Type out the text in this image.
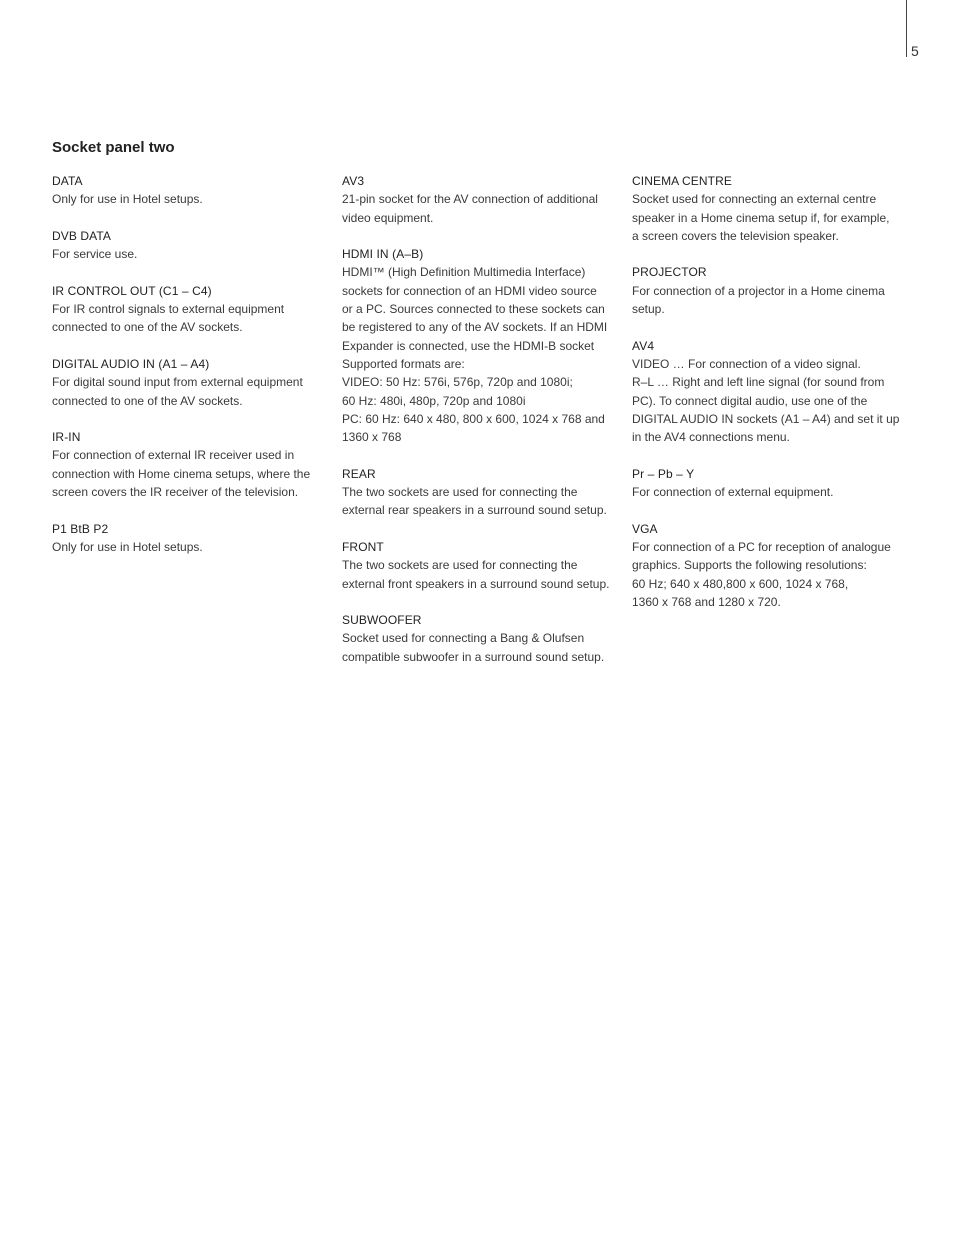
5
Socket panel two
DATA
Only for use in Hotel setups.
DVB DATA
For service use.
IR CONTROL OUT (C1 – C4)
For IR control signals to external equipment
connected to one of the AV sockets.
DIGITAL AUDIO IN (A1 – A4)
For digital sound input from external equipment
connected to one of the AV sockets.
IR-IN
For connection of external IR receiver used in
connection with Home cinema setups, where the
screen covers the IR receiver of the television.
P1 BtB P2
Only for use in Hotel setups.
AV3
21-pin socket for the AV connection of additional
video equipment.
HDMI IN (A–B)
HDMI™ (High Definition Multimedia Interface)
sockets for connection of an HDMI video source
or a PC. Sources connected to these sockets can
be registered to any of the AV sockets. If an HDMI
Expander is connected, use the HDMI-B socket
Supported formats are:
VIDEO: 50 Hz: 576i, 576p, 720p and 1080i;
60 Hz: 480i, 480p, 720p and 1080i
PC: 60 Hz: 640 x 480, 800 x 600, 1024 x 768 and
1360 x 768
REAR
The two sockets are used for connecting the
external rear speakers in a surround sound setup.
FRONT
The two sockets are used for connecting the
external front speakers in a surround sound setup.
SUBWOOFER
Socket used for connecting a Bang & Olufsen
compatible subwoofer in a surround sound setup.
CINEMA CENTRE
Socket used for connecting an external centre
speaker in a Home cinema setup if, for example,
a screen covers the television speaker.
PROJECTOR
For connection of a projector in a Home cinema
setup.
AV4
VIDEO … For connection of a video signal.
R–L … Right and left line signal (for sound from
PC). To connect digital audio, use one of the
DIGITAL AUDIO IN sockets (A1 – A4) and set it up
in the AV4 connections menu.
Pr – Pb – Y
For connection of external equipment.
VGA
For connection of a PC for reception of analogue
graphics. Supports the following resolutions:
60 Hz; 640 x 480,800 x 600, 1024 x 768,
1360 x 768 and 1280 x 720.
